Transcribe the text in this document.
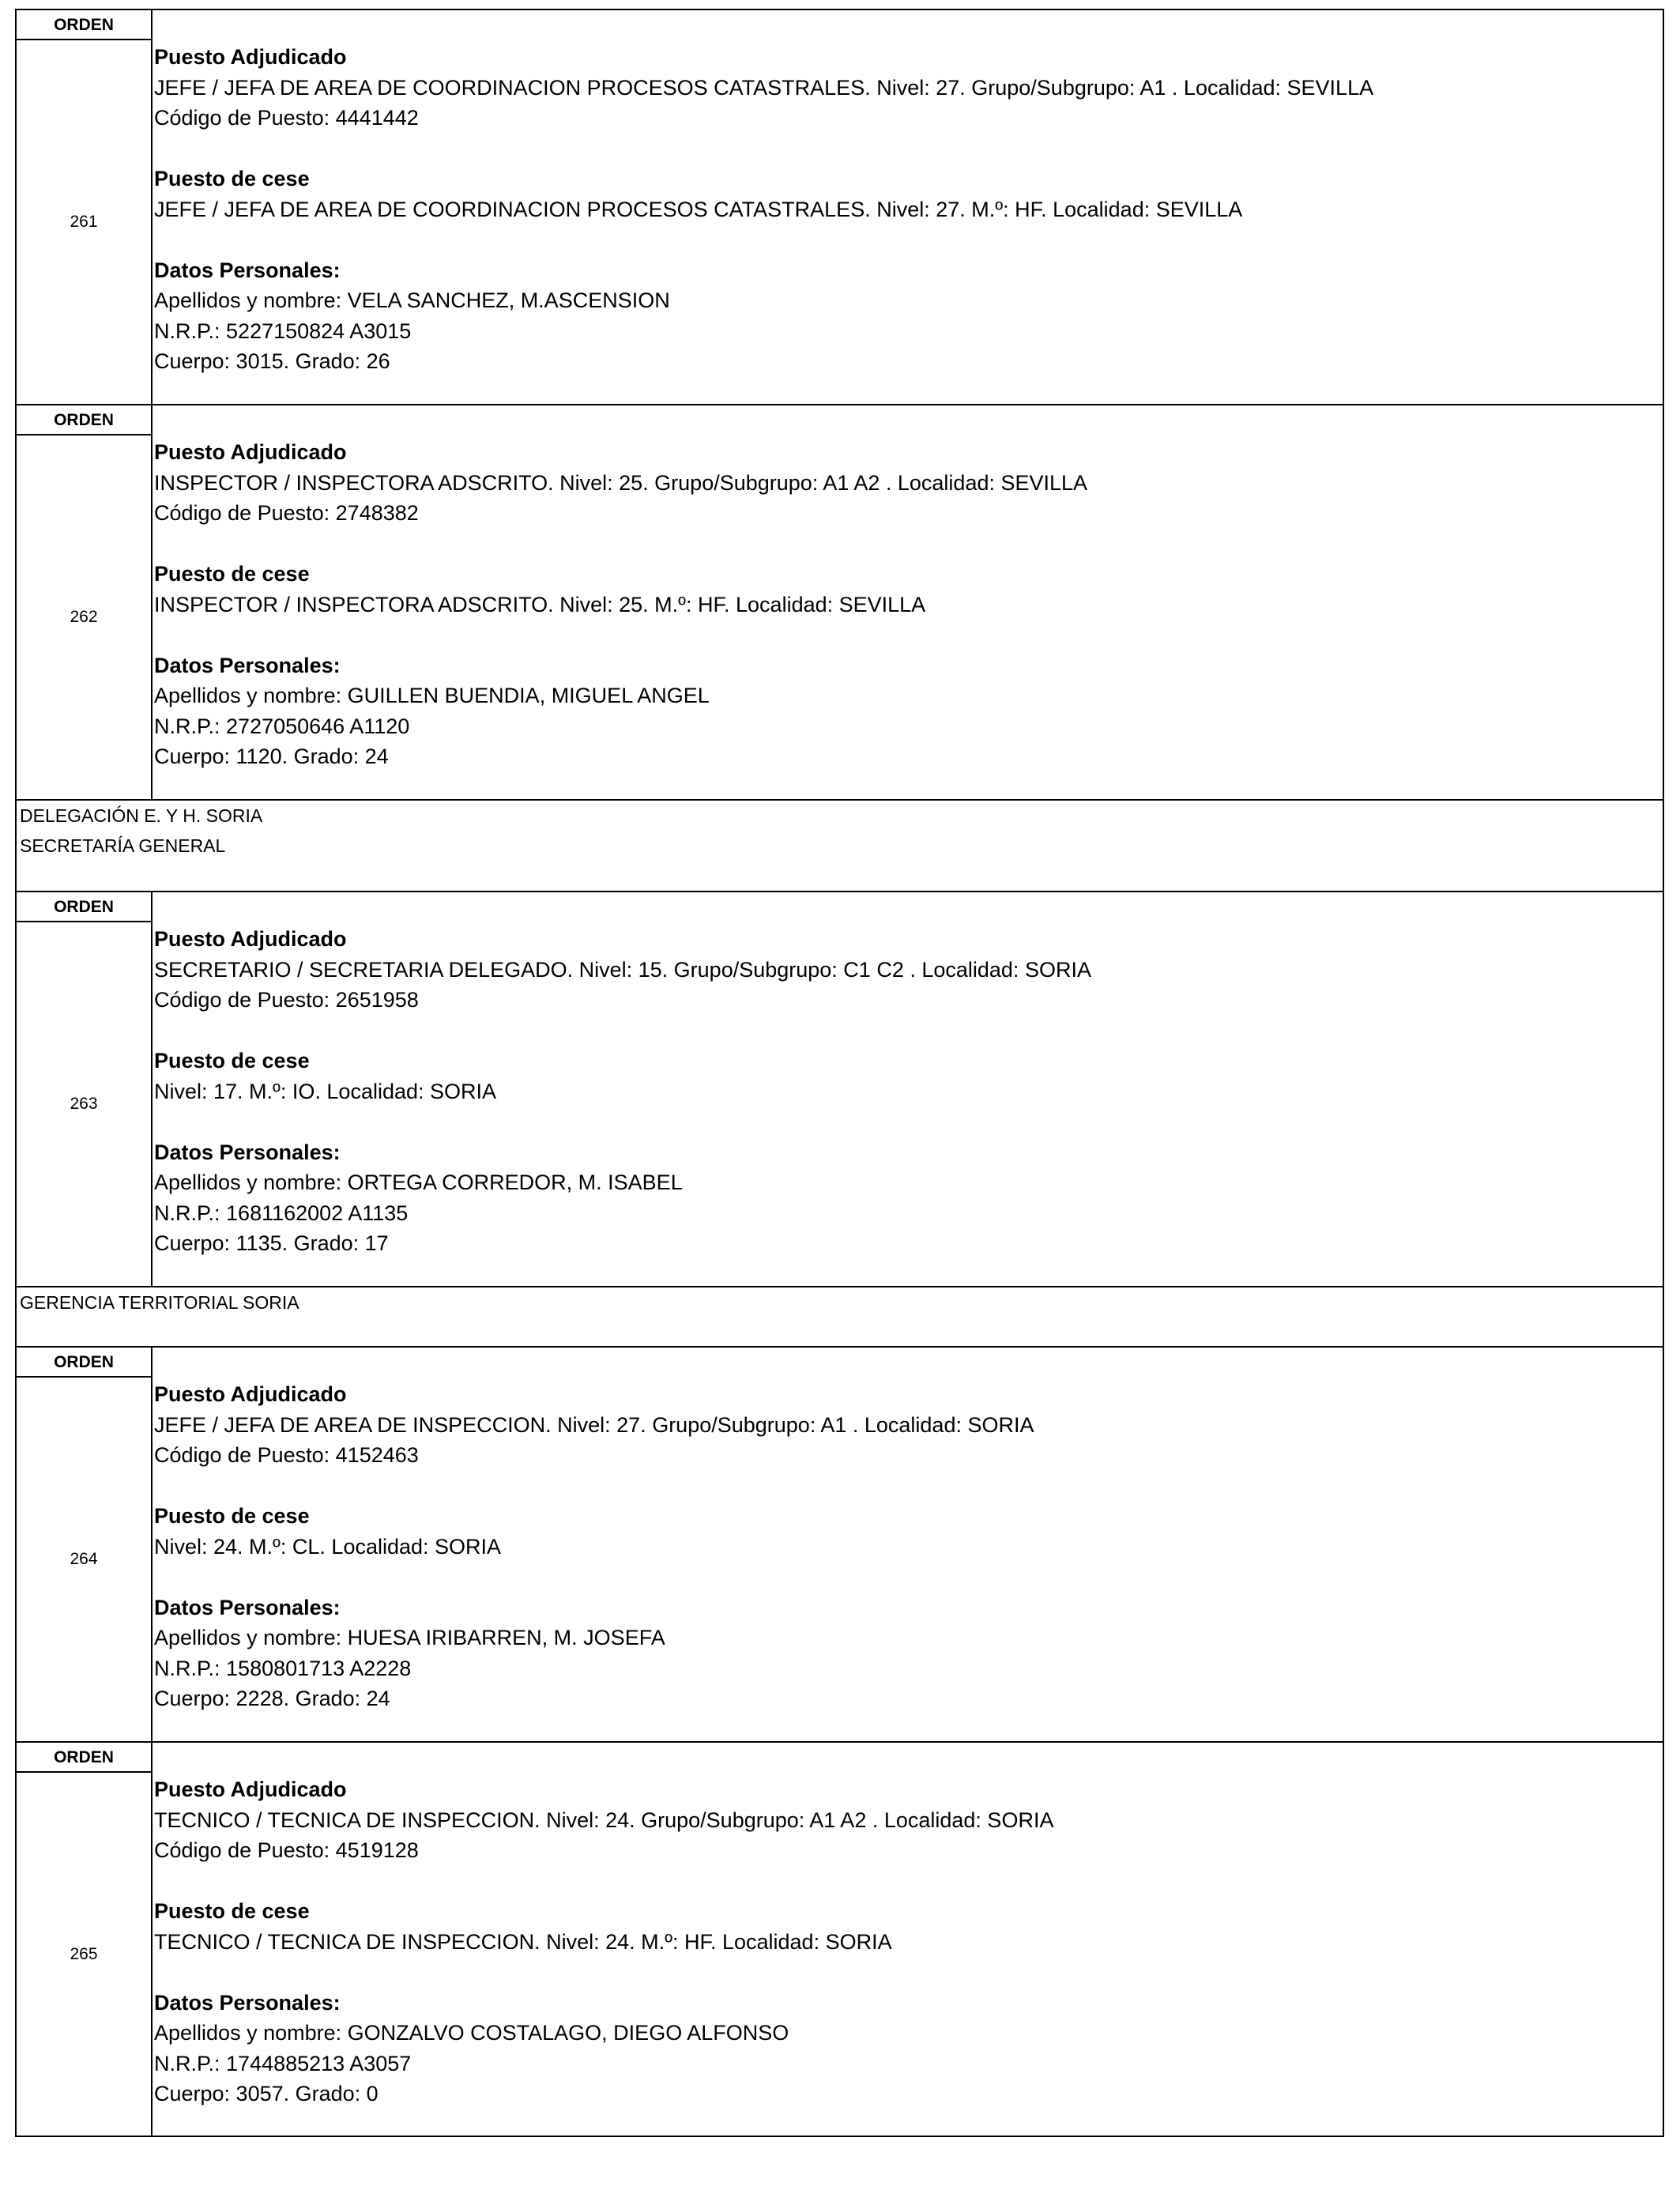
ORDEN
261
Puesto Adjudicado
JEFE / JEFA DE AREA DE COORDINACION PROCESOS CATASTRALES. Nivel: 27. Grupo/Subgrupo: A1 . Localidad: SEVILLA
Código de Puesto: 4441442
Puesto de cese
JEFE / JEFA DE AREA DE COORDINACION PROCESOS CATASTRALES. Nivel: 27. M.º: HF. Localidad: SEVILLA
Datos Personales:
Apellidos y nombre: VELA SANCHEZ, M.ASCENSION
N.R.P.: 5227150824 A3015
Cuerpo: 3015. Grado: 26
ORDEN
262
Puesto Adjudicado
INSPECTOR / INSPECTORA ADSCRITO. Nivel: 25. Grupo/Subgrupo: A1 A2 . Localidad: SEVILLA
Código de Puesto: 2748382
Puesto de cese
INSPECTOR / INSPECTORA ADSCRITO. Nivel: 25. M.º: HF. Localidad: SEVILLA
Datos Personales:
Apellidos y nombre: GUILLEN BUENDIA, MIGUEL ANGEL
N.R.P.: 2727050646 A1120
Cuerpo: 1120. Grado: 24
DELEGACIÓN E. Y H. SORIA
SECRETARÍA GENERAL
ORDEN
263
Puesto Adjudicado
SECRETARIO / SECRETARIA DELEGADO. Nivel: 15. Grupo/Subgrupo: C1 C2 . Localidad: SORIA
Código de Puesto: 2651958
Puesto de cese
Nivel: 17. M.º: IO. Localidad: SORIA
Datos Personales:
Apellidos y nombre: ORTEGA CORREDOR, M. ISABEL
N.R.P.: 1681162002 A1135
Cuerpo: 1135. Grado: 17
GERENCIA TERRITORIAL SORIA
ORDEN
264
Puesto Adjudicado
JEFE / JEFA DE AREA DE INSPECCION. Nivel: 27. Grupo/Subgrupo: A1 . Localidad: SORIA
Código de Puesto: 4152463
Puesto de cese
Nivel: 24. M.º: CL. Localidad: SORIA
Datos Personales:
Apellidos y nombre: HUESA IRIBARREN, M. JOSEFA
N.R.P.: 1580801713 A2228
Cuerpo: 2228. Grado: 24
ORDEN
265
Puesto Adjudicado
TECNICO / TECNICA DE INSPECCION. Nivel: 24. Grupo/Subgrupo: A1 A2 . Localidad: SORIA
Código de Puesto: 4519128
Puesto de cese
TECNICO / TECNICA DE INSPECCION. Nivel: 24. M.º: HF. Localidad: SORIA
Datos Personales:
Apellidos y nombre: GONZALVO COSTALAGO, DIEGO ALFONSO
N.R.P.: 1744885213 A3057
Cuerpo: 3057. Grado: 0
